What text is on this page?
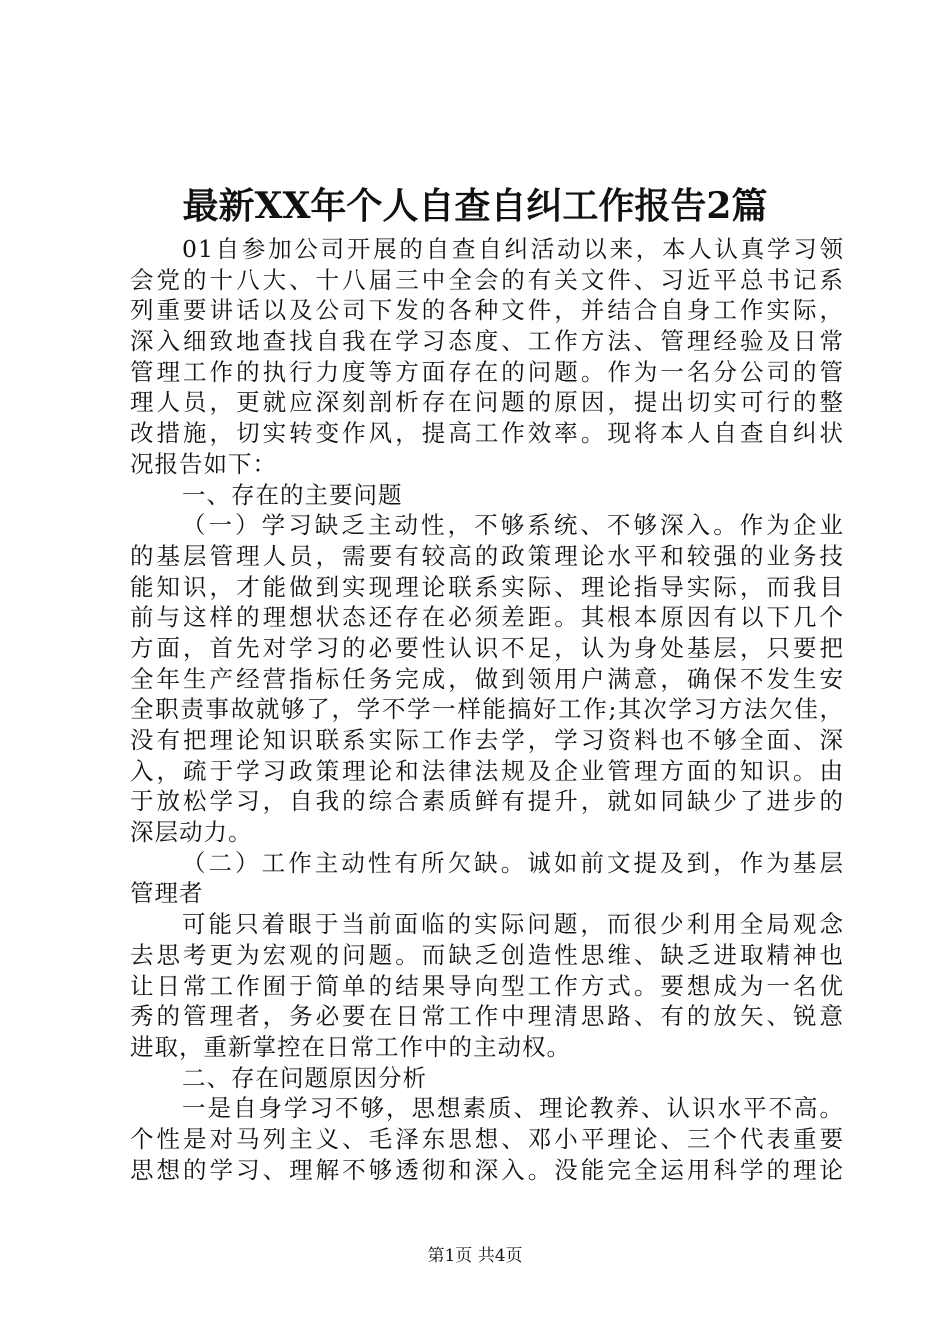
最新XX年个人自查自纠工作报告2篇
01自参加公司开展的自查自纠活动以来，本人认真学习领
会党的十八大、十八届三中全会的有关文件、习近平总书记系
列重要讲话以及公司下发的各种文件，并结合自身工作实际，
深入细致地查找自我在学习态度、工作方法、管理经验及日常
管理工作的执行力度等方面存在的问题。作为一名分公司的管
理人员，更就应深刻剖析存在问题的原因，提出切实可行的整
改措施，切实转变作风，提高工作效率。现将本人自查自纠状
况报告如下：
一、存在的主要问题
（一）学习缺乏主动性，不够系统、不够深入。作为企业
的基层管理人员，需要有较高的政策理论水平和较强的业务技
能知识，才能做到实现理论联系实际、理论指导实际，而我目
前与这样的理想状态还存在必须差距。其根本原因有以下几个
方面，首先对学习的必要性认识不足，认为身处基层，只要把
全年生产经营指标任务完成，做到领用户满意，确保不发生安
全职责事故就够了，学不学一样能搞好工作;其次学习方法欠佳，
没有把理论知识联系实际工作去学，学习资料也不够全面、深
入，疏于学习政策理论和法律法规及企业管理方面的知识。由
于放松学习，自我的综合素质鲜有提升，就如同缺少了进步的
深层动力。
（二）工作主动性有所欠缺。诚如前文提及到，作为基层
管理者
可能只着眼于当前面临的实际问题，而很少利用全局观念
去思考更为宏观的问题。而缺乏创造性思维、缺乏进取精神也
让日常工作囿于简单的结果导向型工作方式。要想成为一名优
秀的管理者，务必要在日常工作中理清思路、有的放矢、锐意
进取，重新掌控在日常工作中的主动权。
二、存在问题原因分析
一是自身学习不够，思想素质、理论教养、认识水平不高。
个性是对马列主义、毛泽东思想、邓小平理论、三个代表重要
思想的学习、理解不够透彻和深入。没能完全运用科学的理论
第1页 共4页
